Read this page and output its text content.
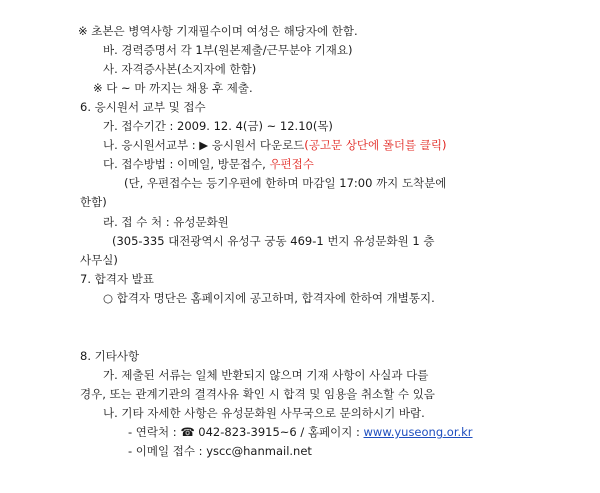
※ 초본은 병역사항 기재필수이며 여성은 해당자에 한함.
바. 경력증명서 각 1부(원본제출/근무분야 기재요)
사. 자격증사본(소지자에 한함)
※ 다 ~ 마 까지는 채용 후 제출.
6. 응시원서 교부 및 접수
가. 접수기간 : 2009. 12. 4(금) ~ 12.10(목)
나. 응시원서교부 : ▶ 응시원서 다운로드(공고문 상단에 폴더를 클릭)
다. 접수방법 : 이메일, 방문접수, 우편접수
(단, 우편접수는 등기우편에 한하며 마감일 17:00 까지 도착분에
한함)
라. 접 수 처 : 유성문화원
(305-335 대전광역시 유성구 궁동 469-1 번지 유성문화원 1 층
사무실)
7. 합격자 발표
○ 합격자 명단은 홈페이지에 공고하며, 합격자에 한하여 개별통지.
8. 기타사항
가. 제출된 서류는 일체 반환되지 않으며 기재 사항이 사실과 다를
경우, 또는 관계기관의 결격사유 확인 시 합격 및 임용을 취소할 수 있음
나. 기타 자세한 사항은 유성문화원 사무국으로 문의하시기 바람.
- 연락처 : ☎ 042-823-3915~6 / 홈페이지 : www.yuseong.or.kr
- 이메일 접수 : yscc@hanmail.net
